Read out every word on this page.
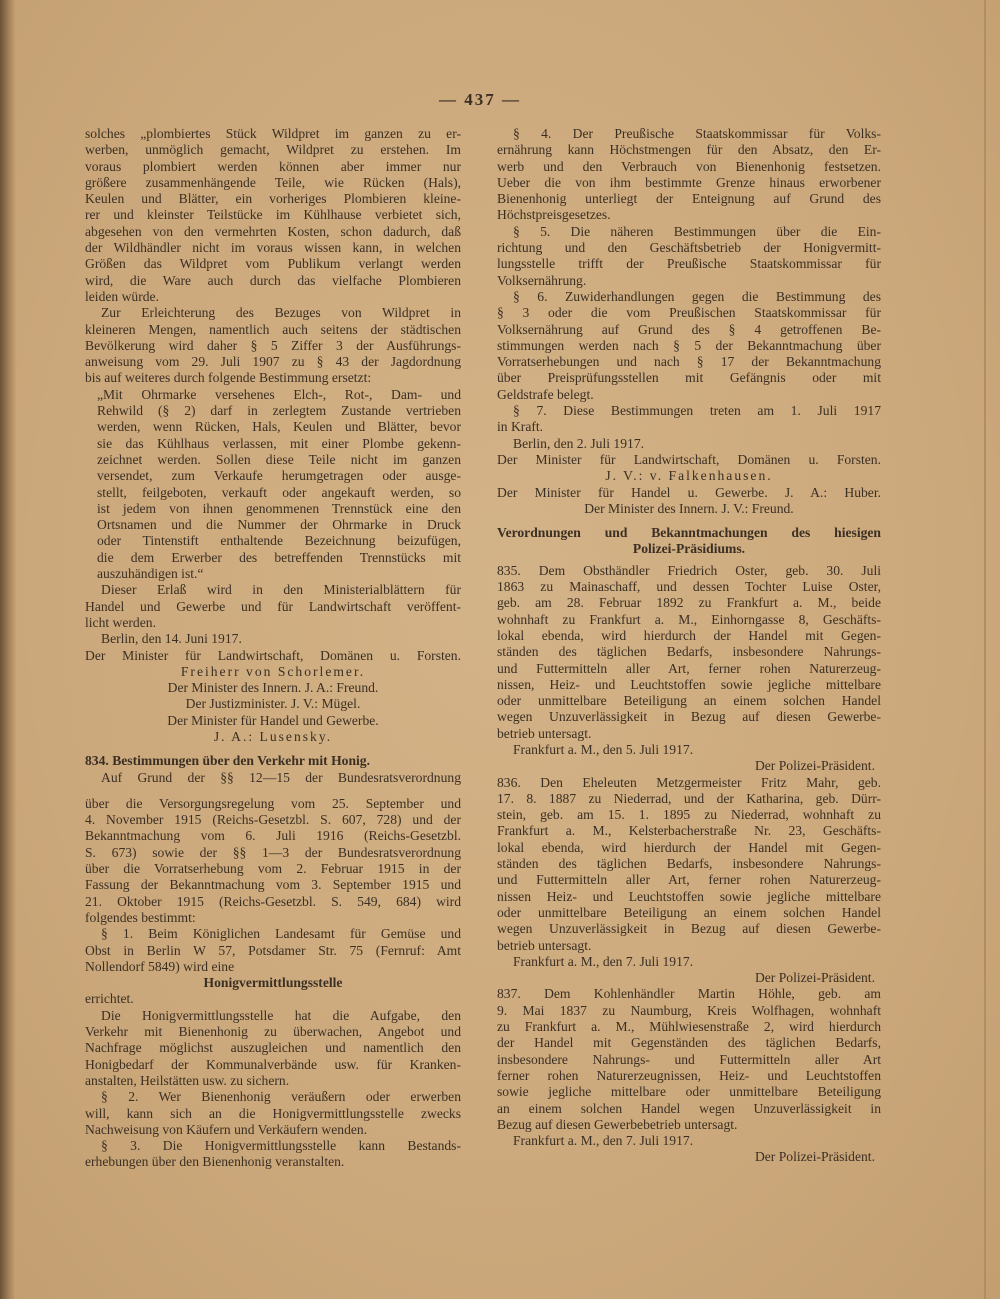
— 437 —
solches „plombiertes Stück Wildpret im ganzen zu er-
werben, unmöglich gemacht, Wildpret zu erstehen. Im
voraus plombiert werden können aber immer nur
größere zusammenhängende Teile, wie Rücken (Hals),
Keulen und Blätter, ein vorheriges Plombieren kleine-
rer und kleinster Teilstücke im Kühlhause verbietet sich,
abgesehen von den vermehrten Kosten, schon dadurch, daß
der Wildhändler nicht im voraus wissen kann, in welchen
Größen das Wildpret vom Publikum verlangt werden
wird, die Ware auch durch das vielfache Plombieren
leiden würde.
Zur Erleichterung des Bezuges von Wildpret in
kleineren Mengen, namentlich auch seitens der städtischen
Bevölkerung wird daher § 5 Ziffer 3 der Ausführungs-
anweisung vom 29. Juli 1907 zu § 43 der Jagdordnung
bis auf weiteres durch folgende Bestimmung ersetzt:
„Mit Ohrmarke versehenes Elch-, Rot-, Dam- und
Rehwild (§ 2) darf in zerlegtem Zustande vertrieben
werden, wenn Rücken, Hals, Keulen und Blätter, bevor
sie das Kühlhaus verlassen, mit einer Plombe gekenn-
zeichnet werden. Sollen diese Teile nicht im ganzen
versendet, zum Verkaufe herumgetragen oder ausge-
stellt, feilgeboten, verkauft oder angekauft werden, so
ist jedem von ihnen genommenen Trennstück eine den
Ortsnamen und die Nummer der Ohrmarke in Druck
oder Tintenstift enthaltende Bezeichnung beizufügen,
die dem Erwerber des betreffenden Trennstücks mit
auszuhändigen ist.“
Dieser Erlaß wird in den Ministerialblättern für
Handel und Gewerbe und für Landwirtschaft veröffent-
licht werden.
Berlin, den 14. Juni 1917.
Der Minister für Landwirtschaft, Domänen u. Forsten.
Freiherr von Schorlemer.
Der Minister des Innern. J. A.: Freund.
Der Justizminister. J. V.: Mügel.
Der Minister für Handel und Gewerbe.
J. A.: Lusensky.
834. Bestimmungen über den Verkehr mit Honig.
Auf Grund der §§ 12—15 der Bundesratsverordnung
über die Versorgungsregelung vom 25. September und
4. November 1915 (Reichs-Gesetzbl. S. 607, 728) und der
Bekanntmachung vom 6. Juli 1916 (Reichs-Gesetzbl.
S. 673) sowie der §§ 1—3 der Bundesratsverordnung
über die Vorratserhebung vom 2. Februar 1915 in der
Fassung der Bekanntmachung vom 3. September 1915 und
21. Oktober 1915 (Reichs-Gesetzbl. S. 549, 684) wird
folgendes bestimmt:
§ 1. Beim Königlichen Landesamt für Gemüse und
Obst in Berlin W 57, Potsdamer Str. 75 (Fernruf: Amt
Nollendorf 5849) wird eine
Honigvermittlungsstelle
errichtet.
Die Honigvermittlungsstelle hat die Aufgabe, den
Verkehr mit Bienenhonig zu überwachen, Angebot und
Nachfrage möglichst auszugleichen und namentlich den
Honigbedarf der Kommunalverbände usw. für Kranken-
anstalten, Heilstätten usw. zu sichern.
§ 2. Wer Bienenhonig veräußern oder erwerben
will, kann sich an die Honigvermittlungsstelle zwecks
Nachweisung von Käufern und Verkäufern wenden.
§ 3. Die Honigvermittlungsstelle kann Bestands-
erhebungen über den Bienenhonig veranstalten.
§ 4. Der Preußische Staatskommissar für Volks-
ernährung kann Höchstmengen für den Absatz, den Er-
werb und den Verbrauch von Bienenhonig festsetzen.
Ueber die von ihm bestimmte Grenze hinaus erworbener
Bienenhonig unterliegt der Enteignung auf Grund des
Höchstpreisgesetzes.
§ 5. Die näheren Bestimmungen über die Ein-
richtung und den Geschäftsbetrieb der Honigvermitt-
lungsstelle trifft der Preußische Staatskommissar für
Volksernährung.
§ 6. Zuwiderhandlungen gegen die Bestimmung des
§ 3 oder die vom Preußischen Staatskommissar für
Volksernährung auf Grund des § 4 getroffenen Be-
stimmungen werden nach § 5 der Bekanntmachung über
Vorratserhebungen und nach § 17 der Bekanntmachung
über Preisprüfungsstellen mit Gefängnis oder mit
Geldstrafe belegt.
§ 7. Diese Bestimmungen treten am 1. Juli 1917
in Kraft.
Berlin, den 2. Juli 1917.
Der Minister für Landwirtschaft, Domänen u. Forsten.
J. V.: v. Falkenhausen.
Der Minister für Handel u. Gewerbe. J. A.: Huber.
Der Minister des Innern. J. V.: Freund.
Verordnungen und Bekanntmachungen des hiesigen
Polizei-Präsidiums.
835. Dem Obsthändler Friedrich Oster, geb. 30. Juli
1863 zu Mainaschaff, und dessen Tochter Luise Oster,
geb. am 28. Februar 1892 zu Frankfurt a. M., beide
wohnhaft zu Frankfurt a. M., Einhorngasse 8, Geschäfts-
lokal ebenda, wird hierdurch der Handel mit Gegen-
ständen des täglichen Bedarfs, insbesondere Nahrungs-
und Futtermitteln aller Art, ferner rohen Naturerzeug-
nissen, Heiz- und Leuchtstoffen sowie jegliche mittelbare
oder unmittelbare Beteiligung an einem solchen Handel
wegen Unzuverlässigkeit in Bezug auf diesen Gewerbe-
betrieb untersagt.
Frankfurt a. M., den 5. Juli 1917.
Der Polizei-Präsident.
836. Den Eheleuten Metzgermeister Fritz Mahr, geb.
17. 8. 1887 zu Niederrad, und der Katharina, geb. Dürr-
stein, geb. am 15. 1. 1895 zu Niederrad, wohnhaft zu
Frankfurt a. M., Kelsterbacherstraße Nr. 23, Geschäfts-
lokal ebenda, wird hierdurch der Handel mit Gegen-
ständen des täglichen Bedarfs, insbesondere Nahrungs-
und Futtermitteln aller Art, ferner rohen Naturerzeug-
nissen Heiz- und Leuchtstoffen sowie jegliche mittelbare
oder unmittelbare Beteiligung an einem solchen Handel
wegen Unzuverlässigkeit in Bezug auf diesen Gewerbe-
betrieb untersagt.
Frankfurt a. M., den 7. Juli 1917.
Der Polizei-Präsident.
837. Dem Kohlenhändler Martin Höhle, geb. am
9. Mai 1837 zu Naumburg, Kreis Wolfhagen, wohnhaft
zu Frankfurt a. M., Mühlwiesenstraße 2, wird hierdurch
der Handel mit Gegenständen des täglichen Bedarfs,
insbesondere Nahrungs- und Futtermitteln aller Art
ferner rohen Naturerzeugnissen, Heiz- und Leuchtstoffen
sowie jegliche mittelbare oder unmittelbare Beteiligung
an einem solchen Handel wegen Unzuverlässigkeit in
Bezug auf diesen Gewerbebetrieb untersagt.
Frankfurt a. M., den 7. Juli 1917.
Der Polizei-Präsident.
